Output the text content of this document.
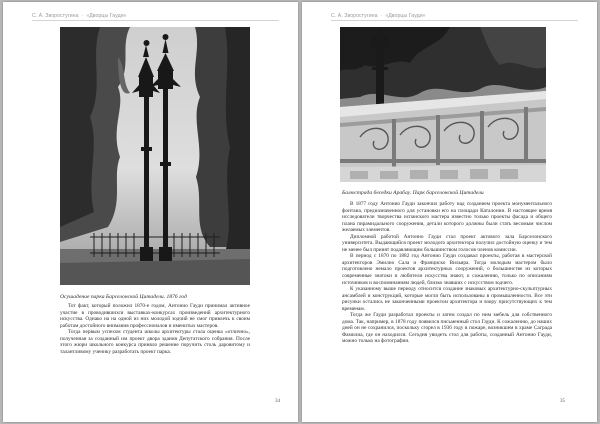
С. А. Зворостугина · «Дворцы Гауди»
Осушадение парка Барселонской Цитадели. 1876 год

Тот факт, который положил 1870-е годом, Антонио Гауди принимал активное участие в проводившихся выставках-конкурсах произведений архитектурного искусства. Однако на на одной из них молодой зодчий не смог привлечь к своим работам достойного внимания профессионалов и именитых мастеров.

Тогда первым успехом студента школы архитектуры стала оценка «отлично», полученная за созданный им проект двора здания Депутатского собрания. После этого жюри школьного конкурса приняло решение поручить столь даровитому и талантливому ученику разработать проект парка.

34
С. А. Зворостугина · «Дворцы Гауди»
Балюстрада беседки Арабау. Парк барселонской Цитадели

В 1877 году Антонио Гауди закончил работу над созданием проекта монументального фонтана, предназначенного для установки его на площади Каталонии. В настоящее время исследователи творчества испанского мастера известно только проекты фасада и общего плана пирамидального сооружения, детали которого должны были стать весомым числом желаемых элементов.

Дипломной работой Антонио Гауди стал проект актового зала Барселонского университета. Выдающийся проект молодого архитектора получил достойную оценку и тем не менее был принят подавляющим большинством голосов членов комиссии.

В период с 1870 по 1882 год Антонио Гауди создавал проекты, работая в мастерской архитекторов Эмилио Сала и Франциско Вильяра. Тогда молодым мастером было подготовлено немало проектов архитектурных сооружений, о большинстве из которых современные знатоки и любители искусства знают, к сожалению, только по описаниям источников и воспоминаниям людей, близко знавших с искусством зодчего.

К указанному выше периоду относится создание знаковых архитектурно-скульптурных ансамблей и конструкций, которые могли быть использованы в промышленности. Все эти рисунки остались не законченными проектом архитектора и взору присутствующих к тем временам.

Тогда же Гауди разработал проекты и затем создал по ним мебель для собственного дома. Так, например, в 1878 году появился письменный стол Гауди. К сожалению, до наших дней он не сохранился, поскольку сгорел в 1936 году в пожаре, возникшем в храме Саграда Фамилиа, где он находился. Сегодня увидеть стол для работы, созданный Антонио Гауди, можно только на фотографии.

35
